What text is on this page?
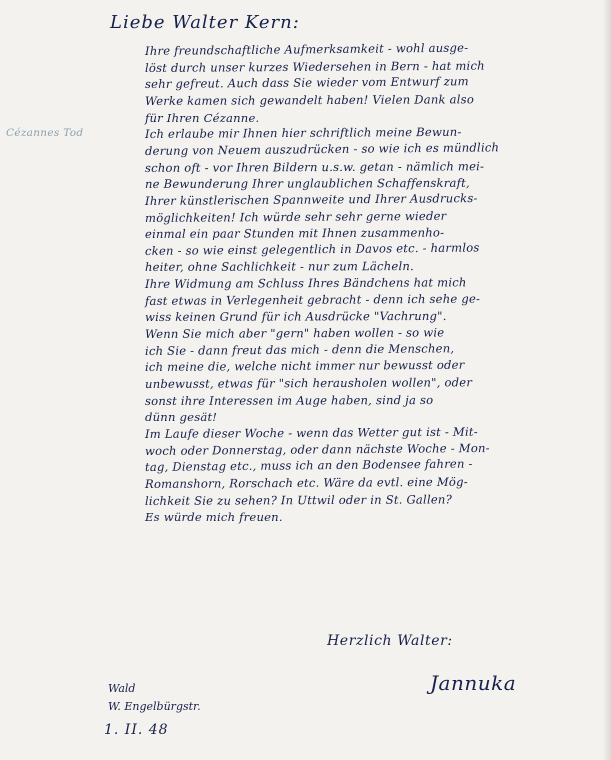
Liebe Walter Kern:
Cézannes Tod
Ihre freundschaftliche Aufmerksamkeit - wohl ausge-
löst durch unser kurzes Wiedersehen in Bern - hat mich
sehr gefreut. Auch dass Sie wieder vom Entwurf zum
Werke kamen sich gewandelt haben! Vielen Dank also
für Ihren Cézanne.
Ich erlaube mir Ihnen hier schriftlich meine Bewun-
derung von Neuem auszudrücken - so wie ich es mündlich
schon oft - vor Ihren Bildern u.s.w. getan - nämlich mei-
ne Bewunderung Ihrer unglaublichen Schaffenskraft,
Ihrer künstlerischen Spannweite und Ihrer Ausdrucks-
möglichkeiten! Ich würde sehr sehr gerne wieder
einmal ein paar Stunden mit Ihnen zusammenho-
cken - so wie einst gelegentlich in Davos etc. - harmlos
heiter, ohne Sachlichkeit - nur zum Lächeln.
Ihre Widmung am Schluss Ihres Bändchens hat mich
fast etwas in Verlegenheit gebracht - denn ich sehe ge-
wiss keinen Grund für ich Ausdrücke "Vachrung".
Wenn Sie mich aber "gern" haben wollen - so wie
ich Sie - dann freut das mich - denn die Menschen,
ich meine die, welche nicht immer nur bewusst oder
unbewusst, etwas für "sich herausholen wollen", oder
sonst ihre Interessen im Auge haben, sind ja so
dünn gesät!
Im Laufe dieser Woche - wenn das Wetter gut ist - Mit-
woch oder Donnerstag, oder dann nächste Woche - Mon-
tag, Dienstag etc., muss ich an den Bodensee fahren -
Romanshorn, Rorschach etc. Wäre da evtl. eine Mög-
lichkeit Sie zu sehen? In Uttwil oder in St. Gallen?
Es würde mich freuen.
Herzlich Walter:
Jannuka
Wald
W. Engelbürgstr.
1. II. 48
